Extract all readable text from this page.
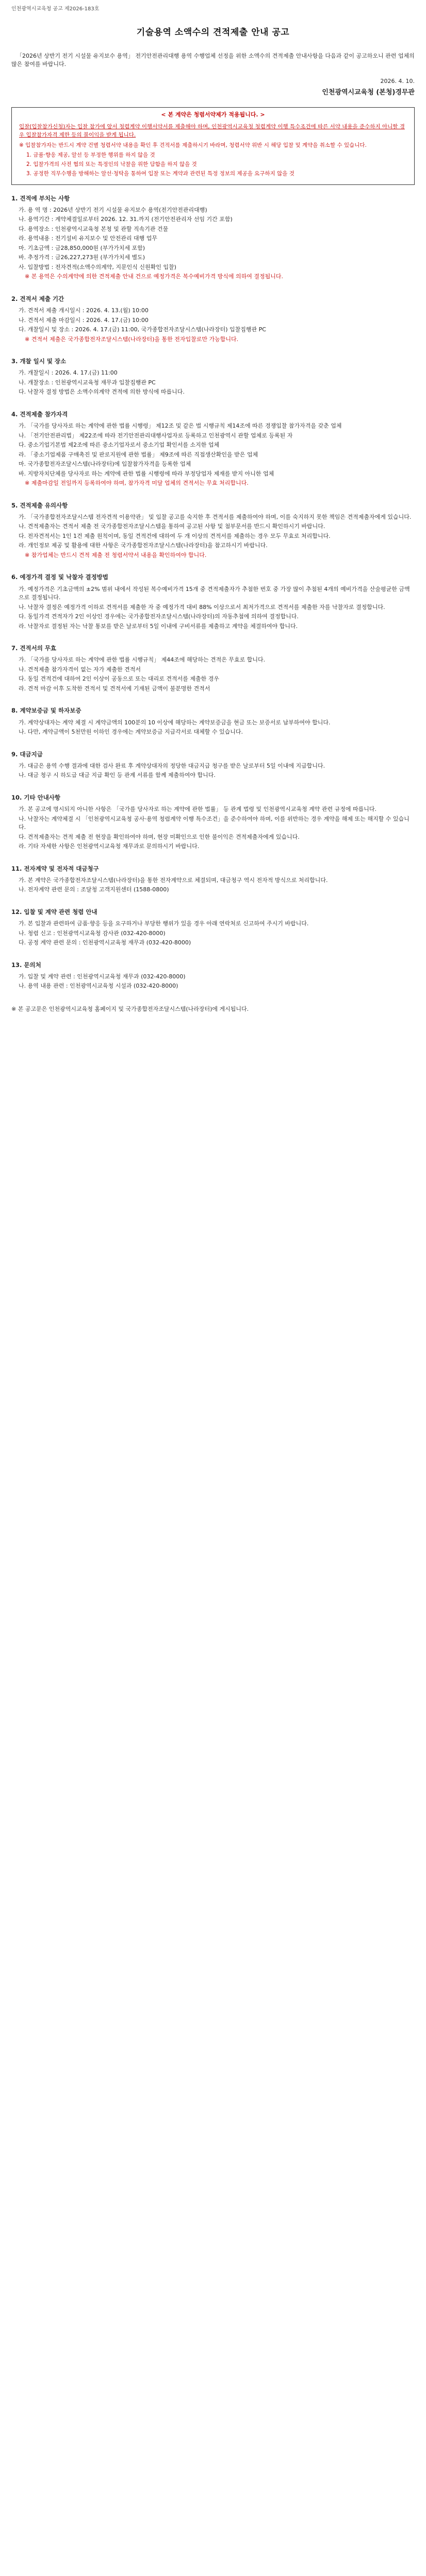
인천광역시교육청 공고 제2026-183호
기술용역 소액수의 견적제출 안내 공고

「2026년 상반기 전기 시설물 유지보수 용역」 전기안전관리대행 용역 수행업체 선정을 위한 소액수의 견적제출 안내사항을 다음과 같이 공고하오니 관련 업체의 많은 참여를 바랍니다.

2026. 4. 10.
인천광역시교육청 (본청)경무관
< 본 계약은 청렴서약제가 적용됩니다. >
입찰(입찰참가신청)자는 입찰 참가에 앞서 청렴계약 이행서약서를 제출해야 하며, 인천광역시교육청 청렴계약 이행 특수조건에 따른 서약 내용을 준수하지 아니할 경우 입찰참가자격 제한 등의 불이익을 받게 됩니다.
※ 입찰참가자는 반드시 계약 건별 청렴서약 내용을 확인 후 견적서를 제출하시기 바라며, 청렴서약 위반 시 해당 입찰 및 계약을 취소할 수 있습니다.
1. 금품·향응 제공, 알선 등 부정한 행위를 하지 않을 것
2. 입찰가격의 사전 협의 또는 특정인의 낙찰을 위한 담합을 하지 않을 것
3. 공정한 직무수행을 방해하는 알선·청탁을 통하여 입찰 또는 계약과 관련된 특정 정보의 제공을 요구하지 않을 것
1. 견적에 부치는 사항
가. 용 역 명 : 2026년 상반기 전기 시설물 유지보수 용역(전기안전관리대행)
나. 용역기간 : 계약체결일로부터 2026. 12. 31.까지 (전기안전관리자 선임 기간 포함)
다. 용역장소 : 인천광역시교육청 본청 및 관할 직속기관 건물
라. 용역내용 : 전기설비 유지보수 및 안전관리 대행 업무
마. 기초금액 : 금28,850,000원 (부가가치세 포함)
바. 추정가격 : 금26,227,273원 (부가가치세 별도)
사. 입찰방법 : 전자견적(소액수의계약, 지문인식 신원확인 입찰)
※ 본 용역은 수의계약에 의한 견적제출 안내 건으로 예정가격은 복수예비가격 방식에 의하여 결정됩니다.
2. 견적서 제출 기간
가. 견적서 제출 개시일시 : 2026. 4. 13.(월) 10:00
나. 견적서 제출 마감일시 : 2026. 4. 17.(금) 10:00
다. 개찰일시 및 장소 : 2026. 4. 17.(금) 11:00, 국가종합전자조달시스템(나라장터) 입찰집행관 PC
※ 견적서 제출은 국가종합전자조달시스템(나라장터)을 통한 전자입찰로만 가능합니다.
3. 개찰 일시 및 장소
가. 개찰일시 : 2026. 4. 17.(금) 11:00
나. 개찰장소 : 인천광역시교육청 재무과 입찰집행관 PC
다. 낙찰자 결정 방법은 소액수의계약 견적에 의한 방식에 따릅니다.
4. 견적제출 참가자격
가. 「국가를 당사자로 하는 계약에 관한 법률 시행령」 제12조 및 같은 법 시행규칙 제14조에 따른 경쟁입찰 참가자격을 갖춘 업체
나. 「전기안전관리법」 제22조에 따라 전기안전관리대행사업자로 등록하고 인천광역시 관할 업체로 등록된 자
다. 중소기업기본법 제2조에 따른 중소기업자로서 중소기업 확인서를 소지한 업체
라. 「중소기업제품 구매촉진 및 판로지원에 관한 법률」 제9조에 따른 직접생산확인을 받은 업체
마. 국가종합전자조달시스템(나라장터)에 입찰참가자격을 등록한 업체
바. 지방자치단체를 당사자로 하는 계약에 관한 법률 시행령에 따라 부정당업자 제재를 받지 아니한 업체
※ 제출마감일 전일까지 등록하여야 하며, 참가자격 미달 업체의 견적서는 무효 처리합니다.
5. 견적제출 유의사항
가. 「국가종합전자조달시스템 전자견적 이용약관」 및 입찰 공고를 숙지한 후 견적서를 제출하여야 하며, 이를 숙지하지 못한 책임은 견적제출자에게 있습니다.
나. 견적제출자는 견적서 제출 전 국가종합전자조달시스템을 통하여 공고된 사항 및 첨부문서를 반드시 확인하시기 바랍니다.
다. 전자견적서는 1인 1건 제출 원칙이며, 동일 견적건에 대하여 두 개 이상의 견적서를 제출하는 경우 모두 무효로 처리합니다.
라. 개인정보 제공 및 활용에 대한 사항은 국가종합전자조달시스템(나라장터)을 참고하시기 바랍니다.
※ 참가업체는 반드시 견적 제출 전 청렴서약서 내용을 확인하여야 합니다.
6. 예정가격 결정 및 낙찰자 결정방법
가. 예정가격은 기초금액의 ±2% 범위 내에서 작성된 복수예비가격 15개 중 견적제출자가 추첨한 번호 중 가장 많이 추첨된 4개의 예비가격을 산술평균한 금액으로 결정됩니다.
나. 낙찰자 결정은 예정가격 이하로 견적서를 제출한 자 중 예정가격 대비 88% 이상으로서 최저가격으로 견적서를 제출한 자를 낙찰자로 결정합니다.
다. 동일가격 견적자가 2인 이상인 경우에는 국가종합전자조달시스템(나라장터)의 자동추첨에 의하여 결정합니다.
라. 낙찰자로 결정된 자는 낙찰 통보를 받은 날로부터 5일 이내에 구비서류를 제출하고 계약을 체결하여야 합니다.
7. 견적서의 무효
가. 「국가를 당사자로 하는 계약에 관한 법률 시행규칙」 제44조에 해당하는 견적은 무효로 합니다.
나. 견적제출 참가자격이 없는 자가 제출한 견적서
다. 동일 견적건에 대하여 2인 이상이 공동으로 또는 대리로 견적서를 제출한 경우
라. 견적 마감 이후 도착한 견적서 및 견적서에 기재된 금액이 불분명한 견적서
8. 계약보증금 및 하자보증
가. 계약상대자는 계약 체결 시 계약금액의 100분의 10 이상에 해당하는 계약보증금을 현금 또는 보증서로 납부하여야 합니다.
나. 다만, 계약금액이 5천만원 이하인 경우에는 계약보증금 지급각서로 대체할 수 있습니다.
9. 대금지급
가. 대금은 용역 수행 결과에 대한 검사 완료 후 계약상대자의 정당한 대금지급 청구를 받은 날로부터 5일 이내에 지급합니다.
나. 대금 청구 시 하도급 대금 지급 확인 등 관계 서류를 함께 제출하여야 합니다.
10. 기타 안내사항
가. 본 공고에 명시되지 아니한 사항은 「국가를 당사자로 하는 계약에 관한 법률」 등 관계 법령 및 인천광역시교육청 계약 관련 규정에 따릅니다.
나. 낙찰자는 계약체결 시 「인천광역시교육청 공사·용역 청렴계약 이행 특수조건」을 준수하여야 하며, 이를 위반하는 경우 계약을 해제 또는 해지할 수 있습니다.
다. 견적제출자는 견적 제출 전 현장을 확인하여야 하며, 현장 미확인으로 인한 불이익은 견적제출자에게 있습니다.
라. 기타 자세한 사항은 인천광역시교육청 재무과로 문의하시기 바랍니다.
11. 전자계약 및 전자적 대금청구
가. 본 계약은 국가종합전자조달시스템(나라장터)을 통한 전자계약으로 체결되며, 대금청구 역시 전자적 방식으로 처리합니다.
나. 전자계약 관련 문의 : 조달청 고객지원센터 (1588-0800)
12. 입찰 및 계약 관련 청렴 안내
가. 본 입찰과 관련하여 금품·향응 등을 요구하거나 부당한 행위가 있을 경우 아래 연락처로 신고하여 주시기 바랍니다.
나. 청렴 신고 : 인천광역시교육청 감사관 (032-420-8000)
다. 공정 계약 관련 문의 : 인천광역시교육청 재무과 (032-420-8000)
13. 문의처
가. 입찰 및 계약 관련 : 인천광역시교육청 재무과 (032-420-8000)
나. 용역 내용 관련 : 인천광역시교육청 시설과 (032-420-8000)
※ 본 공고문은 인천광역시교육청 홈페이지 및 국가종합전자조달시스템(나라장터)에 게시됩니다.
